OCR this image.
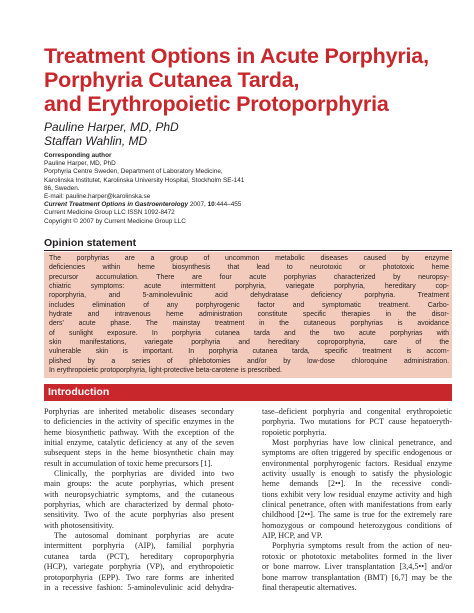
Treatment Options in Acute Porphyria,
Porphyria Cutanea Tarda,
and Erythropoietic Protoporphyria
Pauline Harper, MD, PhD
Staffan Wahlin, MD
Corresponding author
Pauline Harper, MD, PhD
Porphyria Centre Sweden, Department of Laboratory Medicine,
Karolinska Institutet, Karolinska University Hospital, Stockholm SE-141
86, Sweden.
E-mail: pauline.harper@karolinska.se
Current Treatment Options in Gastroenterology 2007, 10:444–455
Current Medicine Group LLC ISSN 1092-8472
Copyright © 2007 by Current Medicine Group LLC
Opinion statement
The porphyrias are a group of uncommon metabolic diseases caused by enzyme
deficiencies within heme biosynthesis that lead to neurotoxic or phototoxic heme
precursor accumulation. There are four acute porphyrias characterized by neuropsy-
chiatric symptoms: acute intermittent porphyria, variegate porphyria, hereditary cop-
roporphyria, and 5-aminolevulinic acid dehydratase deficiency porphyria. Treatment
includes elimination of any porphyrogenic factor and symptomatic treatment. Carbo-
hydrate and intravenous heme administration constitute specific therapies in the disor-
ders' acute phase. The mainstay treatment in the cutaneous porphyrias is avoidance
of sunlight exposure. In porphyria cutanea tarda and the two acute porphyrias with
skin manifestations, variegate porphyria and hereditary coproporphyria, care of the
vulnerable skin is important. In porphyria cutanea tarda, specific treatment is accom-
plished by a series of phlebotomies and/or by low-dose chloroquine administration.
In erythropoietic protoporphyria, light-protective beta-carotene is prescribed.
Introduction
Porphyrias are inherited metabolic diseases secondary
to deficiencies in the activity of specific enzymes in the
heme biosynthetic pathway. With the exception of the
initial enzyme, catalytic deficiency at any of the seven
subsequent steps in the heme biosynthetic chain may
result in accumulation of toxic heme precursors [1].
Clinically, the porphyrias are divided into two
main groups: the acute porphyrias, which present
with neuropsychiatric symptoms, and the cutaneous
porphyrias, which are characterized by dermal photo-
sensitivity. Two of the acute porphyrias also present
with photosensitivity.
The autosomal dominant porphyrias are acute
intermittent porphyria (AIP), familial porphyria
cutanea tarda (PCT), hereditary coproporphyria
(HCP), variegate porphyria (VP), and erythropoietic
protoporphyria (EPP). Two rare forms are inherited
in a recessive fashion: 5-aminolevulinic acid dehydra-
tase–deficient porphyria and congenital erythropoietic
porphyria. Two mutations for PCT cause hepatoeryth-
ropoietic porphyria.
Most porphyrias have low clinical penetrance, and
symptoms are often triggered by specific endogenous or
environmental porphyrogenic factors. Residual enzyme
activity usually is enough to satisfy the physiologic
heme demands [2••]. In the recessive condi-
tions exhibit very low residual enzyme activity and high
clinical penetrance, often with manifestations from early
childhood [2••]. The same is true for the extremely rare
homozygous or compound heterozygous conditions of
AIP, HCP, and VP.
Porphyria symptoms result from the action of neu-
rotoxic or phototoxic metabolites formed in the liver
or bone marrow. Liver transplantation [3,4,5••] and/or
bone marrow transplantation (BMT) [6,7] may be the
final therapeutic alternatives.
